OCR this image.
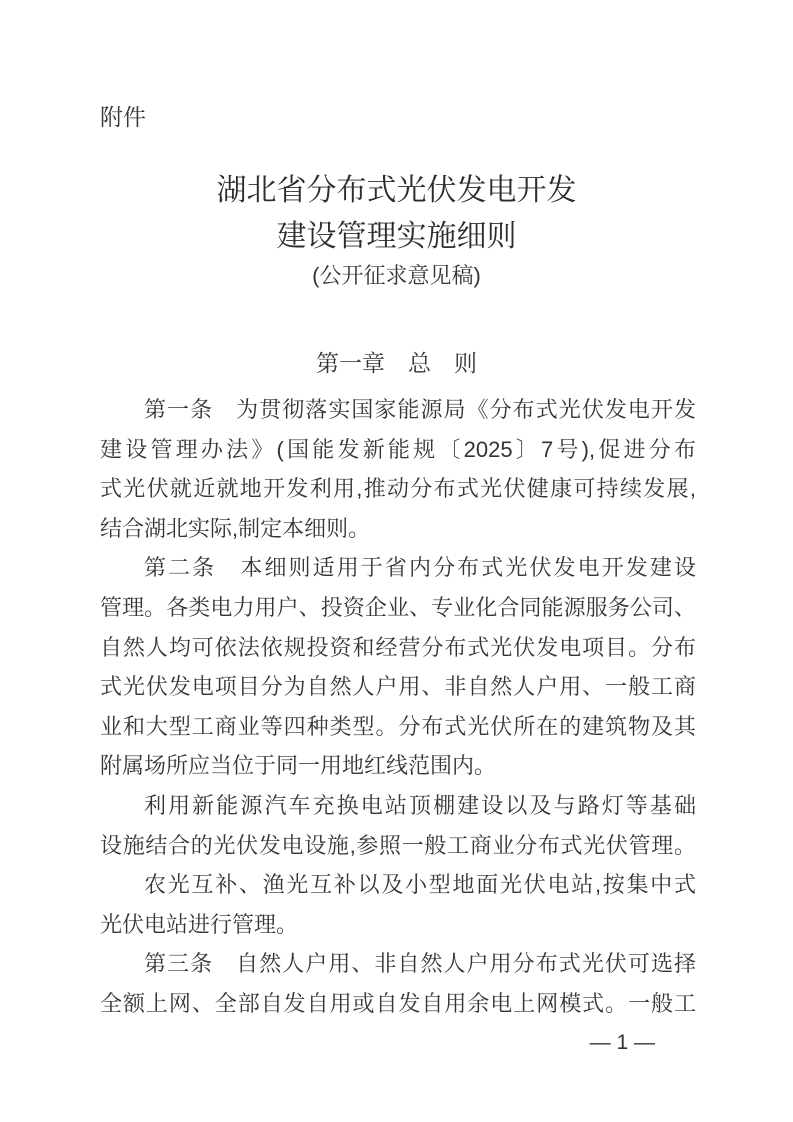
附件
湖北省分布式光伏发电开发
建设管理实施细则
(公开征求意见稿)
第一章　总　则
第一条　为贯彻落实国家能源局《分布式光伏发电开发
建设管理办法》(国能发新能规〔2025〕7号),促进分布
式光伏就近就地开发利用,推动分布式光伏健康可持续发展,
结合湖北实际,制定本细则。
第二条　本细则适用于省内分布式光伏发电开发建设
管理。各类电力用户、投资企业、专业化合同能源服务公司、
自然人均可依法依规投资和经营分布式光伏发电项目。分布
式光伏发电项目分为自然人户用、非自然人户用、一般工商
业和大型工商业等四种类型。分布式光伏所在的建筑物及其
附属场所应当位于同一用地红线范围内。
利用新能源汽车充换电站顶棚建设以及与路灯等基础
设施结合的光伏发电设施,参照一般工商业分布式光伏管理。
农光互补、渔光互补以及小型地面光伏电站,按集中式
光伏电站进行管理。
第三条　自然人户用、非自然人户用分布式光伏可选择
全额上网、全部自发自用或自发自用余电上网模式。一般工
— 1 —
